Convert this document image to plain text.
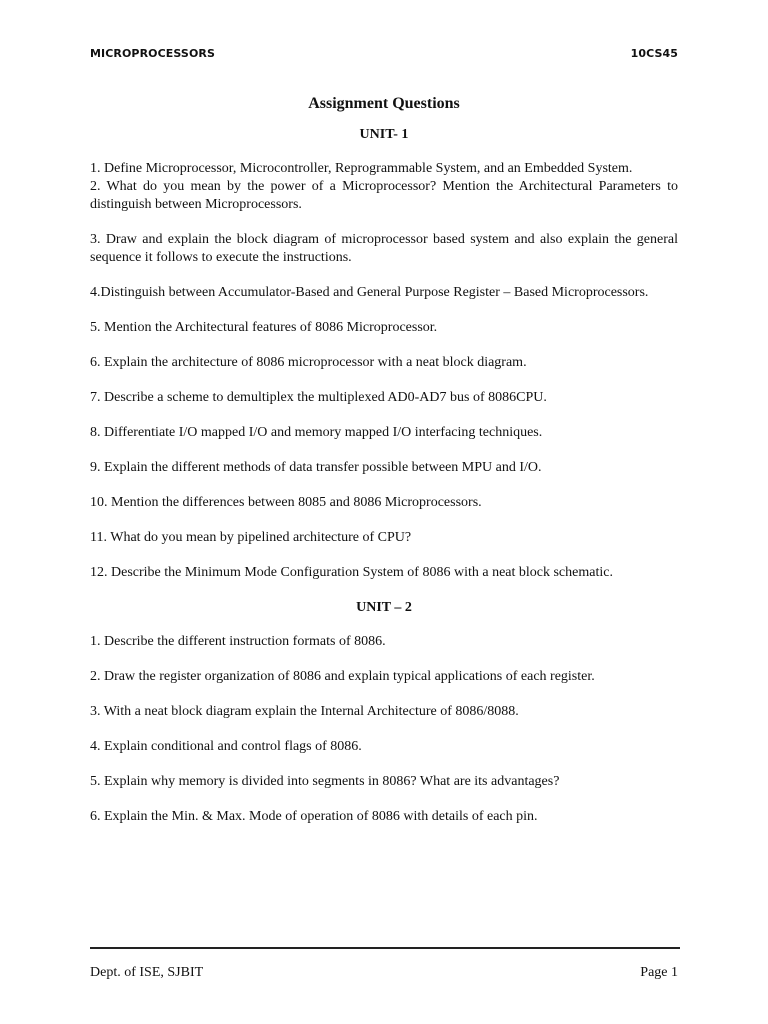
MICROPROCESSORS	10CS45
Assignment Questions
UNIT- 1
1. Define Microprocessor, Microcontroller, Reprogrammable System, and an Embedded System.
2. What do you mean by the power of a Microprocessor? Mention the Architectural Parameters to distinguish between Microprocessors.
3. Draw and explain the block diagram of microprocessor based system and also explain the general sequence it follows to execute the instructions.
4.Distinguish between Accumulator-Based and General Purpose Register – Based Microprocessors.
5. Mention the Architectural features of 8086 Microprocessor.
6. Explain the architecture of 8086 microprocessor with a neat block diagram.
7. Describe a scheme to demultiplex the multiplexed AD0-AD7 bus of 8086CPU.
8. Differentiate I/O mapped I/O and memory mapped I/O interfacing techniques.
9. Explain the different methods of data transfer possible between MPU and I/O.
10. Mention the differences between 8085 and 8086 Microprocessors.
11. What do you mean by pipelined architecture of CPU?
12. Describe the Minimum Mode Configuration System of 8086 with a neat block schematic.
UNIT – 2
1. Describe the different instruction formats of 8086.
2. Draw the register organization of 8086 and explain typical applications of each register.
3. With a neat block diagram explain the Internal Architecture of 8086/8088.
4. Explain conditional and control flags of 8086.
5. Explain why memory is divided into segments in 8086? What are its advantages?
6. Explain the Min. & Max. Mode of operation of 8086 with details of each pin.
Dept. of ISE, SJBIT	Page 1
